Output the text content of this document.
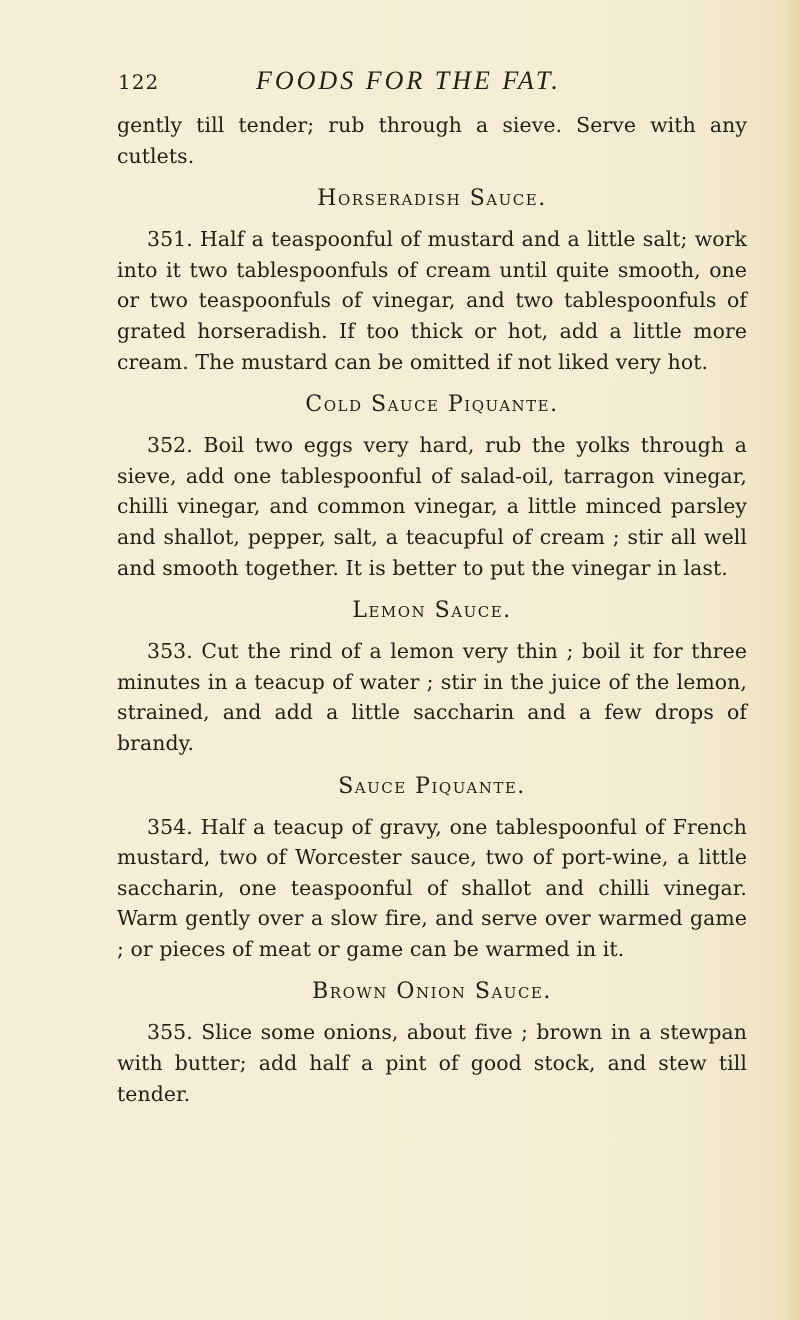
122	FOODS FOR THE FAT.

gently till tender; rub through a sieve. Serve with any cutlets.

Horseradish Sauce.

351. Half a teaspoonful of mustard and a little salt; work into it two tablespoonfuls of cream until quite smooth, one or two teaspoonfuls of vinegar, and two tablespoonfuls of grated horseradish. If too thick or hot, add a little more cream. The mustard can be omitted if not liked very hot.

Cold Sauce Piquante.

352. Boil two eggs very hard, rub the yolks through a sieve, add one tablespoonful of salad-oil, tarragon vinegar, chilli vinegar, and common vinegar, a little minced parsley and shallot, pepper, salt, a teacupful of cream ; stir all well and smooth together. It is better to put the vinegar in last.

Lemon Sauce.

353. Cut the rind of a lemon very thin ; boil it for three minutes in a teacup of water ; stir in the juice of the lemon, strained, and add a little saccharin and a few drops of brandy.

Sauce Piquante.

354. Half a teacup of gravy, one tablespoonful of French mustard, two of Worcester sauce, two of port-wine, a little saccharin, one teaspoonful of shallot and chilli vinegar. Warm gently over a slow fire, and serve over warmed game ; or pieces of meat or game can be warmed in it.

Brown Onion Sauce.

355. Slice some onions, about five ; brown in a stewpan with butter; add half a pint of good stock, and stew till tender.
